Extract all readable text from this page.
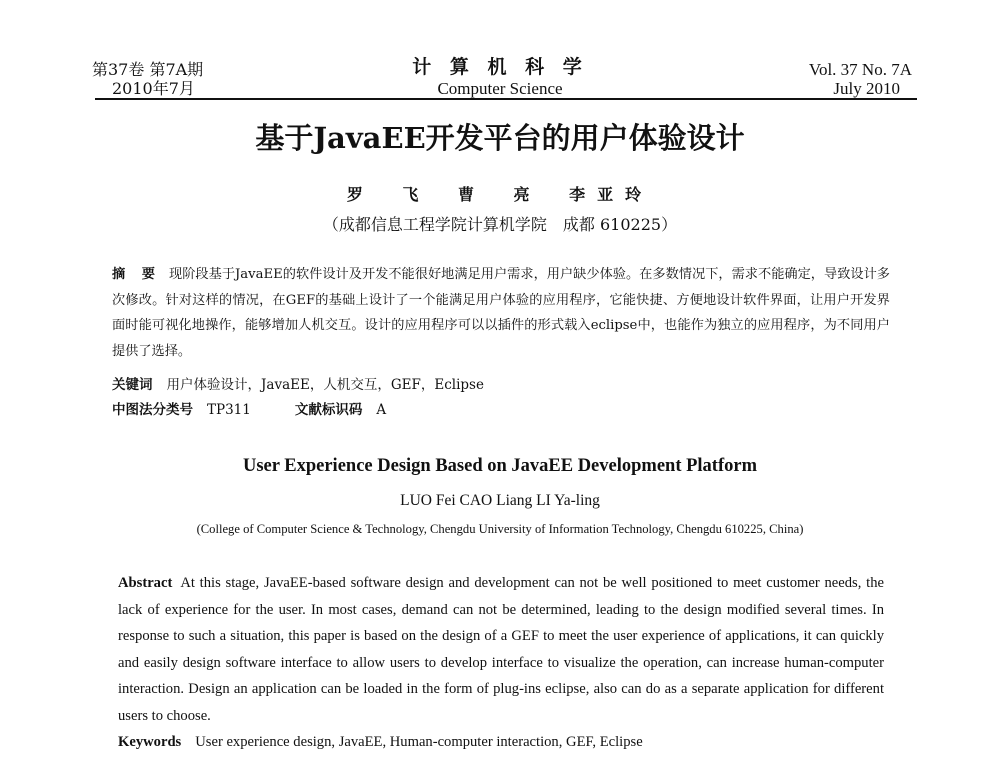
第37卷 第7A期
2010年7月
计 算 机 科 学
Computer Science
Vol. 37 No. 7A
July 2010
基于JavaEE开发平台的用户体验设计
罗 飞 曹 亮 李亚玲
（成都信息工程学院计算机学院　成都 610225）
摘 要 现阶段基于JavaEE的软件设计及开发不能很好地满足用户需求，用户缺少体验。在多数情况下，需求不能确定，导致设计多次修改。针对这样的情况，在GEF的基础上设计了一个能满足用户体验的应用程序，它能快捷、方便地设计软件界面，让用户开发界面时能可视化地操作，能够增加人机交互。设计的应用程序可以以插件的形式载入eclipse中，也能作为独立的应用程序，为不同用户提供了选择。
关键词 用户体验设计，JavaEE，人机交互，GEF，Eclipse
中图法分类号 TP311	文献标识码 A
User Experience Design Based on JavaEE Development Platform
LUO Fei CAO Liang LI Ya-ling
(College of Computer Science & Technology, Chengdu University of Information Technology, Chengdu 610225, China)
Abstract At this stage, JavaEE-based software design and development can not be well positioned to meet customer needs, the lack of experience for the user. In most cases, demand can not be determined, leading to the design modified several times. In response to such a situation, this paper is based on the design of a GEF to meet the user experience of applications, it can quickly and easily design software interface to allow users to develop interface to visualize the operation, can increase human-computer interaction. Design an application can be loaded in the form of plug-ins eclipse, also can do as a separate application for different users to choose.
Keywords User experience design, JavaEE, Human-computer interaction, GEF, Eclipse
